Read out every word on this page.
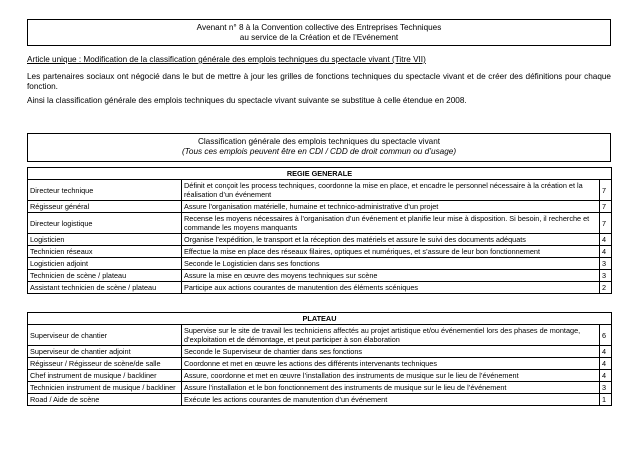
Avenant n° 8 à la Convention collective des Entreprises Techniques
au service de la Création et de l’Evénement
Article unique : Modification de la classification générale des emplois techniques du spectacle vivant (Titre VII)
Les partenaires sociaux ont négocié dans le but de mettre à jour les grilles de fonctions techniques du spectacle vivant et de créer des définitions pour chaque fonction.
Ainsi la classification générale des emplois techniques du spectacle vivant suivante se substitue à celle étendue en 2008.
Classification générale des emplois techniques du spectacle vivant
(Tous ces emplois peuvent être en CDI / CDD de droit commun ou d’usage)
REGIE GENERALE		
Directeur technique	Définit et conçoit les process techniques, coordonne la mise en place, et encadre le personnel nécessaire à la création et la réalisation d’un événement	7
Régisseur général	Assure l’organisation matérielle, humaine et technico-administrative d’un projet	7
Directeur logistique	Recense les moyens nécessaires à l’organisation d’un événement et planifie leur mise à disposition. Si besoin, il recherche et commande les moyens manquants	7
Logisticien	Organise l’expédition, le transport et la réception des matériels et assure le suivi des documents adéquats	4
Technicien réseaux	Effectue la mise en place des réseaux filaires, optiques et numériques, et s’assure de leur bon fonctionnement	4
Logisticien adjoint	Seconde le Logisticien dans ses fonctions	3
Technicien de scène / plateau	Assure la mise en œuvre des moyens techniques sur scène	3
Assistant technicien de scène / plateau	Participe aux actions courantes de manutention des éléments scéniques	2
PLATEAU		
Superviseur de chantier	Supervise sur le site de travail les techniciens affectés au projet artistique et/ou événementiel lors des phases de montage, d’exploitation et de démontage, et peut participer à son élaboration	6
Superviseur de chantier adjoint	Seconde le Superviseur de chantier dans ses fonctions	4
Régisseur / Régisseur de scène/de salle	Coordonne et met en œuvre les actions des différents intervenants techniques	4
Chef instrument de musique / backliner	Assure, coordonne et met en œuvre l’installation des instruments de musique sur le lieu de l’événement	4
Technicien instrument de musique / backliner	Assure l’installation et le bon fonctionnement des instruments de musique sur le lieu de l’événement	3
Road / Aide de scène	Exécute les actions courantes de manutention d’un événement	1
